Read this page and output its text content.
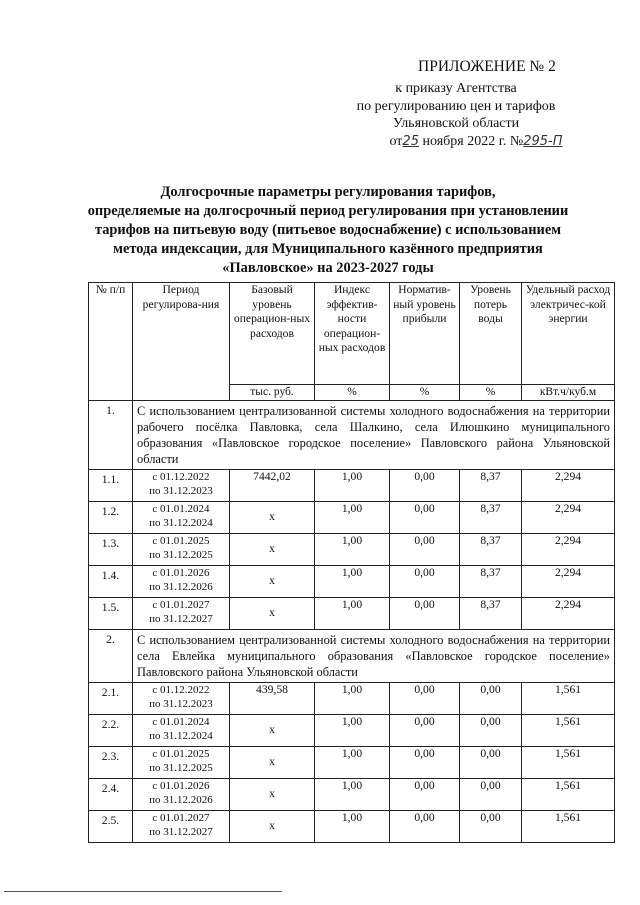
ПРИЛОЖЕНИЕ № 2
к приказу Агентства
по регулированию цен и тарифов
Ульяновской области
от25 ноября 2022 г. №295-П
Долгосрочные параметры регулирования тарифов,
определяемые на долгосрочный период регулирования при установлении
тарифов на питьевую воду (питьевое водоснабжение) с использованием
метода индексации, для Муниципального казённого предприятия
«Павловское» на 2023-2027 годы
№ п/п	Период регулирова-ния	Базовый уровень операцион-ных расходов	Индекс эффектив-ности операцион-ных расходов	Норматив-ный уровень прибыли	Уровень потерь воды	Удельный расход электричес-кой энергии
		тыс. руб.	%	%	%	кВт.ч/куб.м
1.	С использованием централизованной системы холодного водоснабжения на территории рабочего посёлка Павловка, села Шалкино, села Илюшкино муниципального образования «Павловское городское поселение» Павловского района Ульяновской области					
1.1.	с 01.12.2022
по 31.12.2023	7442,02	1,00	0,00	8,37	2,294
1.2.	с 01.01.2024
по 31.12.2024	х	1,00	0,00	8,37	2,294
1.3.	с 01.01.2025
по 31.12.2025	х	1,00	0,00	8,37	2,294
1.4.	с 01.01.2026
по 31.12.2026	х	1,00	0,00	8,37	2,294
1.5.	с 01.01.2027
по 31.12.2027	х	1,00	0,00	8,37	2,294
2.	С использованием централизованной системы холодного водоснабжения на территории села Евлейка муниципального образования «Павловское городское поселение» Павловского района Ульяновской области					
2.1.	с 01.12.2022
по 31.12.2023	439,58	1,00	0,00	0,00	1,561
2.2.	с 01.01.2024
по 31.12.2024	х	1,00	0,00	0,00	1,561
2.3.	с 01.01.2025
по 31.12.2025	х	1,00	0,00	0,00	1,561
2.4.	с 01.01.2026
по 31.12.2026	х	1,00	0,00	0,00	1,561
2.5.	с 01.01.2027
по 31.12.2027	х	1,00	0,00	0,00	1,561
